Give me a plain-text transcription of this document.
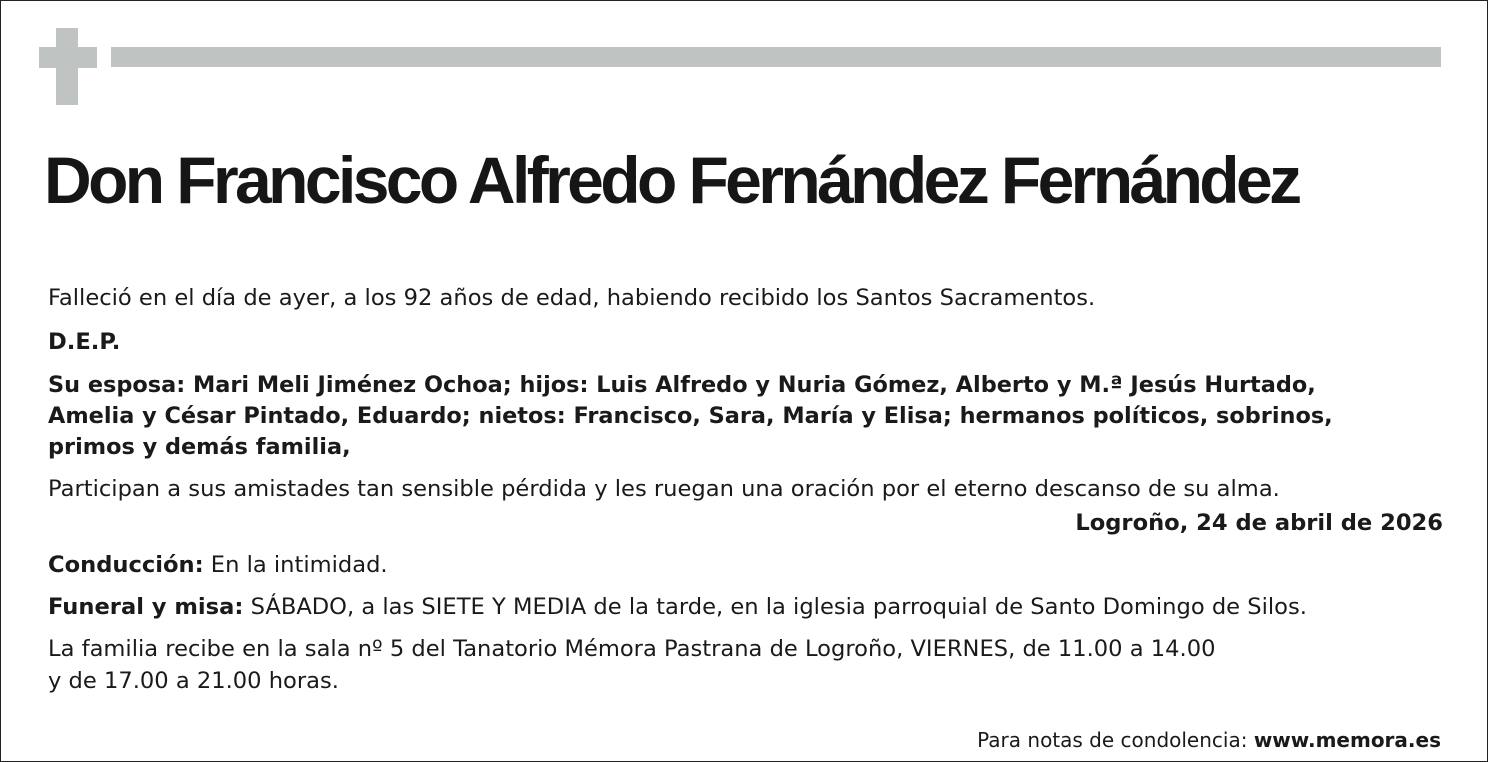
Don Francisco Alfredo Fernández Fernández

Falleció en el día de ayer, a los 92 años de edad, habiendo recibido los Santos Sacramentos.

D.E.P.

Su esposa: Mari Meli Jiménez Ochoa; hijos: Luis Alfredo y Nuria Gómez, Alberto y M.ª Jesús Hurtado,
Amelia y César Pintado, Eduardo; nietos: Francisco, Sara, María y Elisa; hermanos políticos, sobrinos,
primos y demás familia,

Participan a sus amistades tan sensible pérdida y les ruegan una oración por el eterno descanso de su alma.

Logroño, 24 de abril de 2026

Conducción: En la intimidad.

Funeral y misa: SÁBADO, a las SIETE Y MEDIA de la tarde, en la iglesia parroquial de Santo Domingo de Silos.

La familia recibe en la sala nº 5 del Tanatorio Mémora Pastrana de Logroño, VIERNES, de 11.00 a 14.00
y de 17.00 a 21.00 horas.

Para notas de condolencia: www.memora.es
